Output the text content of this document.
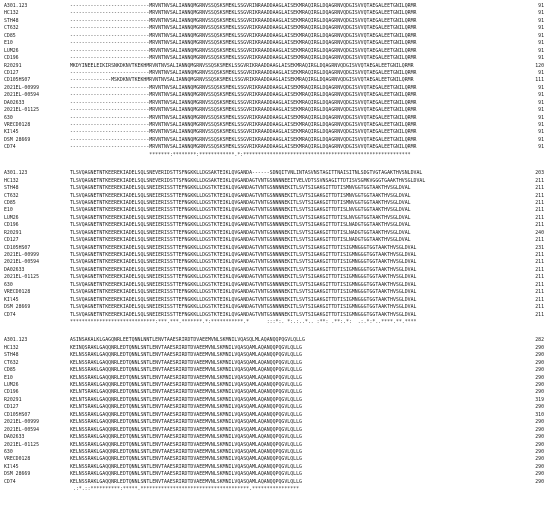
A301.123	---------------------------MRVNTNVSALIANNQMGRNVSSQSKSMEKLSSGVRINRAADDAAGLAISEKMRAQIRGLDQAGRNVQDGISVVQTAEGALEETGNILQRMR	91
HC132	---------------------------MRVNTNVSALIANNQMGRNVSSQSKSMEKLSSGVRIKRAADDAAGLAISEKMRAQIRGLDQAGRNVQDGISVVQTAEGALEETGNILQRMR	91
STH48	---------------------------MRVNTNVSALIANNQMGRNVSSQSKSMEKLSSGVRIKRAADDAAGLAISEKMRAQIRGLDQAGRNVQDGISVVQTAEGALEETGNILQRMR	91
CT632	---------------------------MRVNTNVSALIANNQMGRNVSSQSKSMEKLSSGVRIKRAADDAAGLAISEKMRAQIRGLDQAGRNVQDGISVVQTAEGALEETGNILQRMR	91
CD85	---------------------------MRVNTNVSALIANNQMGRNVSSQSKSMEKLSSGVRIKRAADDAAGLAISEKMRAQIRGLDQAGRNVQDGISVVQTAEGALEETGNILQRMR	91
E10	---------------------------MRVNTNVSALIANNQMGRNVSSQSKSMEKLSSGVRIKRAADDAAGLAISEKMRAQIRGLDQAGRNVQDGISVVQTAEGALEETGNILQRMR	91
LUM26	---------------------------MRVNTNVSALIANNQMGRNVSSQSKSMEKLSSGVRIKRAADDAAGLAISEKMRAQIRGLDQAGRNVQDGISVVQTAEGALEETGNILQRMR	91
CD196	---------------------------MRVNTNVSALIANNQMGRNVSSQSKSMEKLSSGVRIKRAADDAAGLAISEKMRAQIRGLDQAGRNVQDGISVVQTAEGALEETGNILQRMR	91
R20291	MKDYINEELEIKIRSNKDKNVTKEKHMRVNTNVSALIANNQMGRNVSSQSKSMEKLSSGVRIKRAADDAAGLAISEKMRAQIRGLDQAGRNVQDGISVVQTAEGALEETGNILQRMR	120
CD127	---------------------------MRVNTNVSALIANNQMGRNVSSQSKSMEKLSSGVRIKRAADDAAGLAISEKMRAQIRGLDQAGRNVQDGISVVQTAEGALEETGNILQRMR	91
CD105HS07	--------------MSKDKNVTKEKHMRVNTNVSALIANNQMGRNVSSQSKSMEKLSSGVRIKRAADDAAGLAISEKMRAQIRGLDQAGRNVQDGISVVQTAEGALEETGNILQRMR	111
2021EL-00999	---------------------------MRVNTNVSALIANNQMGRNVSSQSKSMEKLSSGVRIKRAADDAAGLAISEKMRAQIRGLDQAGRNVQDGISVVQTAEGALEETGNILQRMR	91
2021EL-00594	---------------------------MRVNTNVSALIANNQMGRNVSSQSKSMEKLSSGVRIKRAADDAAGLAISEKMRAQIRGLDQAGRNVQDGISVVQTAEGALEETGNILQRMR	91
DA02633	---------------------------MRVNTNVSALIANNQMGRNVSSQSKSMEKLSSGVRIKRAADDAAGLAISEKMRAQIRGLDQAGRNVQDGISVVQTAEGALEETGNILQRMR	91
2021EL-01125	---------------------------MRVNTNVSALIANNQMGRNVSSQSKSMEKLSSGVRIKRAADDAAGLAISEKMRAQIRGLDQAGRNVQDGISVVQTAEGALEETGNILQRMR	91
630	---------------------------MRVNTNVSALIANNQMGRNVSSQSKSMEKLSSGVRIKRAADDAAGLAISEKMRAQIRGLDQAGRNVQDGISVVQTAEGALEETGNILQRMR	91
VRECD0128	---------------------------MRVNTNVSALIANNQMGRNVSSQSKSMEKLSSGVRIKRAADDAAGLAISEKMRAQIRGLDQAGRNVQDGISVVQTAEGALEETGNILQRMR	91
KIl45	---------------------------MRVNTNVSALIANNQMGRNVSSQSKSMEKLSSGVRIKRAADDAAGLAISEKMRAQIRGLDQAGRNVQDGISVVQTAEGALEETGNILQRMR	91
DSM 28669	---------------------------MRVNTNVSALIANNQMGRNVSSQSKSMEKLSSGVRIKRAADDAAGLAISEKMRAQIRGLDQAGRNVQDGISVVQTAEGALEETGNILQRMR	91
CD74	---------------------------MRVNTNVSALIANNQMGRNVSSQSKSMEKLSSGVRIKRAADDAAGLAISEKMRAQIRGLDQAGRNVQDGISVVQTAEGALEETGNILQRMR	91
*******:********:************.*:*********************************************************
A301.123	TLSVQAGNETNTKEEREKIADELSQLSNEVERIDSTTSFNGKKLLDGSAKTEIKLQVGANDA------SDNQITVNLINTASVNSTAGITTNAISITNLSDGTVGTAGAKTHVSNLDVAL	203
HC132	TLSVQAGNETNTKEEREKIADELSQLSNEVERIDSTTSFNGKKLLDGSAKTEIKLQVGANDAGTVNTGSNNNNEEITVELVDTSSVNSAGITTDTISVSGMKVGGGTGAAKTHVSGLDVAL	211
STH48	TLSVQAGNETNTKEEREKIADELSQLSNEIERISSTTEFNGKKLLDGSTKTEIKLQVGANDAGTVNTGSNNNNEKITLSVTSIGAKGITTDTISMNVGGTGGTAAKTHVSGLDVAL	211
CT632	TLSVQAGNETNTKEEREKIADELSQLSNEIERISSTTEFNGKKLLDGSTKTEIKLQVGANDAGTVNTGSNNNNEKITLSVTSIGAKGITTDTISMNVGGTGGTAAKTHVSGLDVAL	211
CD85	TLSVQAGNETNTKEEREKIADELSQLSNEIERISSTTEFNGKKLLDGSTKTEIKLQVGANDAGTVNTGSNNNNEKITLSVTSIGAKGITTDTISMNVGGTGGTAAKTHVSGLDVAL	211
E10	TLSVQAGNETNTKEEREKIADELSQLSNEIERISSTTEFNGKKLLDGSTKTEIKLQVGANDAGTVNTGSNNNNEKITLSVTSIGAKGITTDTISLNVGGTGGTAAKTHVSGLDVAL	211
LUM26	TLSVQAGNETNTKEEREKIADELSQLSNEIERISSTTEFNGKKLLDGSTKTEIKLQVGANDAGTVNTGSNNNNEKITLSVTSIGAKGITTDTISLNVGGTGGTAAKTHVSGLDVAL	211
CD196	TLSVQAGNETNTKEEREKIADELSQLSNEIERISSTTEFNGKKLLDGSTKTEIKLQVGANDAGTVNTGSNNNNEKITLSVTSIGAKGITTDTISLNADGTGGTAAKTHVSGLDVAL	211
R20291	TLSVQAGNETNTKEEREKIADELSQLSNEIERISSTTEFNGKKLLDGSTKTEIKLQVGANDAGTVNTGSNNNNEKITLSVTSIGAKGITTDTISLNADGTGGTAAKTHVSGLDVAL	240
CD127	TLSVQAGNETNTKEEREKIADELSQLSNEIERISSTTEFNGKKLLDGSTKTEIKLQVGANDAGTVNTGSNNNNEKITLSVTSIGAKGITTDTISLNADGTGGTAAKTHVSGLDVAL	211
CD105HS07	TLSVQAGNETNTKEEREKIADELSQLSNEIERISSTTEFNGKKLLDGSTKTEIKLQVGANDAGTVNTGSNNNNEKITLSVTSIGAKGITTDTISIGMNGGGTGGTAAKTHVSGLDVAL	231
2021EL-00999	TLSVQAGNETNTKEEREKIADELSQLSNEIERISSTTEFNGKKLLDGSTKTEIKLQVGANDAGTVNTGSNNNNEKITLSVTSIGAKGITTDTISIGMNGGGTGGTAAKTHVSGLDVAL	211
2021EL-00594	TLSVQAGNETNTKEEREKIADELSQLSNEIERISSTTEFNGKKLLDGSTKTEIKLQVGANDAGTVNTGSNNNNEKITLSVTSIGAKGITTDTISIGMNGGGTGGTAAKTHVSGLDVAL	211
DA02633	TLSVQAGNETNTKEEREKIADELSQLSNEIERISSTTEFNGKKLLDGSTKTEIKLQVGANDAGTVNTGSNNNNEKITLSVTSIGAKGITTDTISIGMNGGGTGGTAAKTHVSGLDVAL	211
2021EL-01125	TLSVQAGNETNTKEEREKIADELSQLSNEIERISSTTEFNGKKLLDGSTKTEIKLQVGANDAGTVNTGSNNNNEKITLSVTSIGAKGITTDTISIGMNGGGTGGTAAKTHVSGLDVAL	211
630	TLSVQAGNETNTKEEREKIADELSQLSNEIERISSTTEFNGKKLLDGSTKTEIKLQVGANDAGTVNTGSNNNNEKITLSVTSIGAKGITTDTISIGMNGGGTGGTAAKTHVSGLDVAL	211
VRECD0128	TLSVQAGNETNTKEEREKIADELSQLSNEIERISSTTEFNGKKLLDGSTKTEIKLQVGANDAGTVNTGSNNNNEKITLSVTSIGAKGITTDTISIGMNGGGTGGTAAKTHVSGLDVAL	211
KIl45	TLSVQAGNETNTKEEREKIADELSQLSNEIERISSTTEFNGKKLLDGSTKTEIKLQVGANDAGTVNTGSNNNNEKITLSVTSIGAKGITTDTISIGMNGGGTGGTAAKTHVSGLDVAL	211
DSM 28669	TLSVQAGNETNTKEEREKIADELSQLSNEIERISSTTEFNGKKLLDGSTKTEIKLQVGANDAGTVNTGSNNNNEKITLSVTSIGAKGITTDTISIGMNGGGTGGTAAKTHVSGLDVAL	211
CD74	TLSVQAGNETNTKEEREKIADELSQLSNEIERISSTTEFNGKKLLDGSTKTEIKLQVGANDAGTVNTGSNNNNEKITLSVTSIGAKGITTDTISIGMNGGGTGGTAAKTHVSGLDVAL	211
*****************************:***.***.*******.*:***********.*      :::*:. *:.:..*.. :**: .**:.*:  .:.*:*..****.**.****
A301.123	ASINSAKALKLGAGQNRLEETQNNLNNTLENVTAAESRIRDTDVAEEMVNLSKMNILVQASQLMLAQANQQPQGVLQLLG	282
HC132	KEINQSRAKLGAQQNRLEDTQNNLSNTLENVTAAESRIRDTDVAEEMVNLSKMNILVQASQAMLAQANQQPQGVLQLLG	290
STH48	KELNSSRAKLGAQQNRLEDTQNNLSNTLENVTAAESRIRDTDVAEEMVNLSKMNILVQASQAMLAQANQQPQGVLQLLG	290
CT632	KELNSSRAKLGAQQNRLEDTQNNLSNTLENVTAAESRIRDTDVAEEMVNLSKMNILVQASQAMLAQANQQPQGVLQLLG	290
CD85	KELNSSRAKLGAQQNRLEDTQNNLSNTLENVTAAESRIRDTDVAEEMVNLSKMNILVQASQAMLAQANQQPQGVLQLLG	290
E10	KELNSSRAKLGAQQNRLEDTQNNLSNTLENVTAAESRIRDTDVAEEMVNLSKMNILVQASQAMLAQANQQPQGVLQLLG	290
LUM26	KELNSSRAKLGAQQNRLEDTQNNLSNTLENVTAAESRIRDTDVAEEMVNLSKMNILVQASQAMLAQANQQPQGVLQLLG	290
CD196	KELNTSRAKLGAQQNRLEDTQNNLSNTLENVTAAESRIRDTDVAEEMVNLSKMNILVQASQAMLAQANQQPQGVLQLLG	290
R20291	KELNTSRAKLGAQQNRLEDTQNNLSNTLENVTAAESRIRDTDVAEEMVNLSKMNILVQASQAMLAQANQQPQGVLQLLG	319
CD127	KELNTSRAKLGAQQNRLEDTQNNLSNTLENVTAAESRIRDTDVAEEMVNLSKMNILVQASQAMLAQANQQPQGVLQLLG	290
CD105HS07	KELNSSRAKLGAQQNRLEDTQNNLSNTLENVTAAESRIRDTDVAEEMVNLSKMNILVQASQAMLAQANQQPQGVLQLLG	310
2021EL-00999	KELNSSRAKLGAQQNRLEDTQNNLSNTLENVTAAESRIRDTDVAEEMVNLSKMNILVQASQAMLAQANQQPQGVLQLLG	290
2021EL-00594	KELNSSRAKLGAQQNRLEDTQNNLSNTLENVTAAESRIRDTDVAEEMVNLSKMNILVQASQAMLAQANQQPQGVLQLLG	290
DA02633	KELNSSRAKLGAQQNRLEDTQNNLSNTLENVTAAESRIRDTDVAEEMVNLSKMNILVQASQAMLAQANQQPQGVLQLLG	290
2021EL-01125	KELNSSRAKLGAQQNRLEDTQNNLSNTLENVTAAESRIRDTDVAEEMVNLSKMNILVQASQAMLAQANQQPQGVLQLLG	290
630	KELNSSRAKLGAQQNRLEDTQNNLSNTLENVTAAESRIRDTDVAEEMVNLSKMNILVQASQAMLAQANQQPQGVLQLLG	290
VRECD0128	KELNSSRAKLGAQQNRLEDTQNNLSNTLENVTAAESRIRDTDVAEEMVNLSKMNILVQASQAMLAQANQQPQGVLQLLG	290
KIl45	KELNSSRAKLGAQQNRLEDTQNNLSNTLENVTAAESRIRDTDVAEEMVNLSKMNILVQASQAMLAQANQQPQGVLQLLG	290
DSM 28669	KELNSSRAKLGAQQNRLEDTQNNLSNTLENVTAAESRIRDTDVAEEMVNLSKMNILVQASQAMLAQANQQPQGVLQLLG	290
CD74	KELNSSRAKLGAQQNRLEDTQNNLSNTLENVTAAESRIRDTDVAEEMVNLSKMNILVQASQAMLAQANQQPQGVLQLLG	290
.:*.::**********:*****.*************************************.****************
